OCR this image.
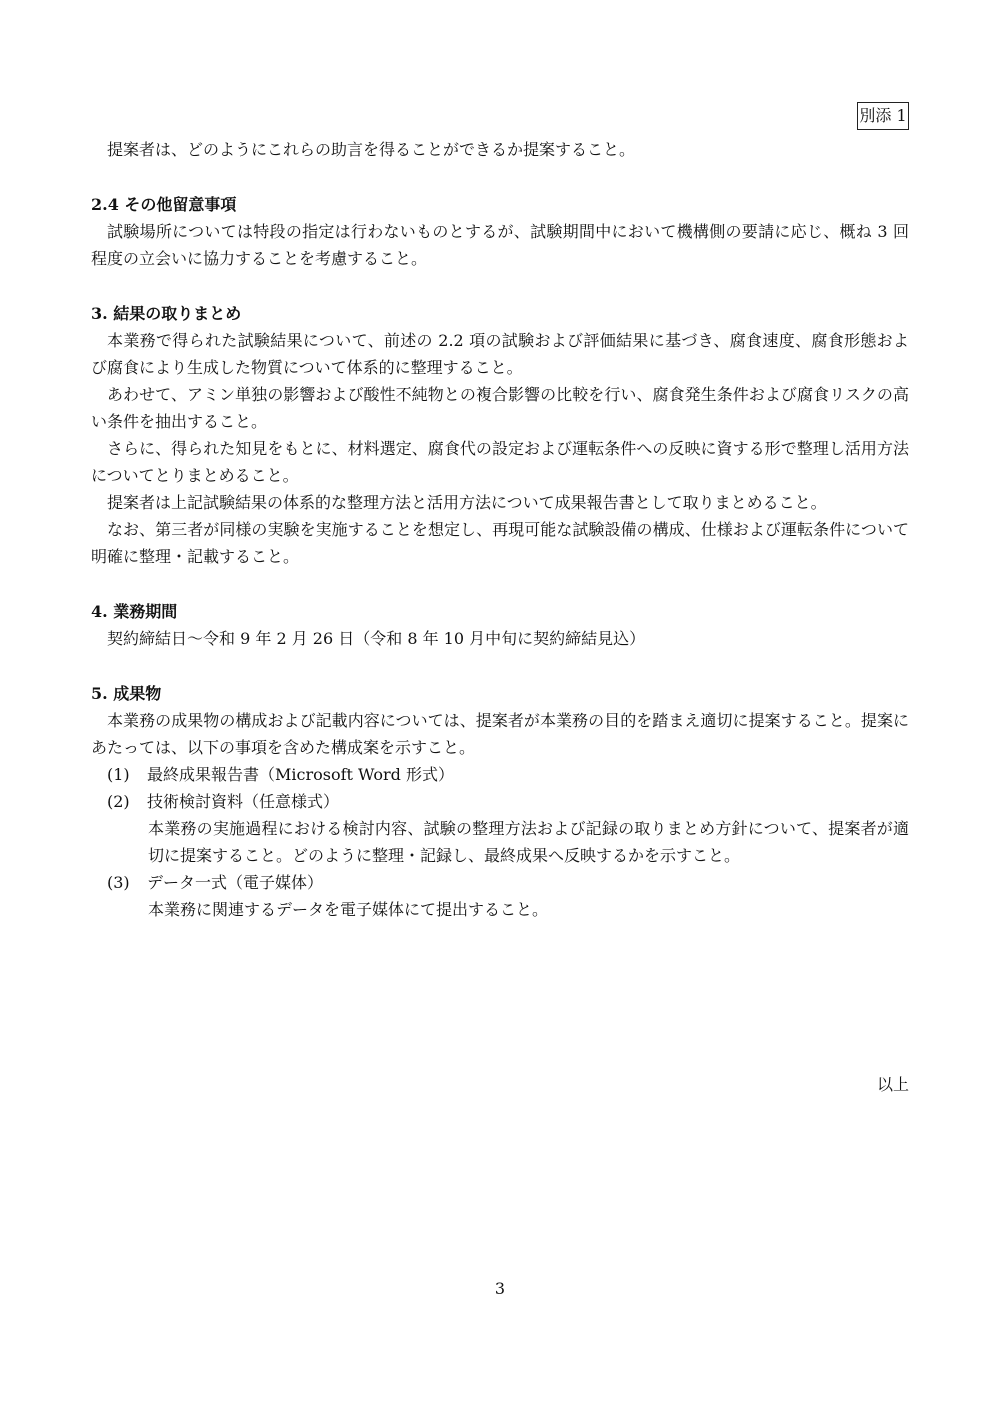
別添 1

提案者は、どのようにこれらの助言を得ることができるか提案すること。

2.4 その他留意事項

試験場所については特段の指定は行わないものとするが、試験期間中において機構側の要請に応じ、概ね 3 回程度の立会いに協力することを考慮すること。

3. 結果の取りまとめ

本業務で得られた試験結果について、前述の 2.2 項の試験および評価結果に基づき、腐食速度、腐食形態および腐食により生成した物質について体系的に整理すること。

あわせて、アミン単独の影響および酸性不純物との複合影響の比較を行い、腐食発生条件および腐食リスクの高い条件を抽出すること。

さらに、得られた知見をもとに、材料選定、腐食代の設定および運転条件への反映に資する形で整理し活用方法についてとりまとめること。

提案者は上記試験結果の体系的な整理方法と活用方法について成果報告書として取りまとめること。

なお、第三者が同様の実験を実施することを想定し、再現可能な試験設備の構成、仕様および運転条件について明確に整理・記載すること。

4. 業務期間

契約締結日～令和 9 年 2 月 26 日（令和 8 年 10 月中旬に契約締結見込）

5. 成果物

本業務の成果物の構成および記載内容については、提案者が本業務の目的を踏まえ適切に提案すること。提案にあたっては、以下の事項を含めた構成案を示すこと。

(1)	最終成果報告書（Microsoft Word 形式）
(2)	技術検討資料（任意様式）

本業務の実施過程における検討内容、試験の整理方法および記録の取りまとめ方針について、提案者が適切に提案すること。どのように整理・記録し、最終成果へ反映するかを示すこと。

(3)	データ一式（電子媒体）

本業務に関連するデータを電子媒体にて提出すること。

以上
3
